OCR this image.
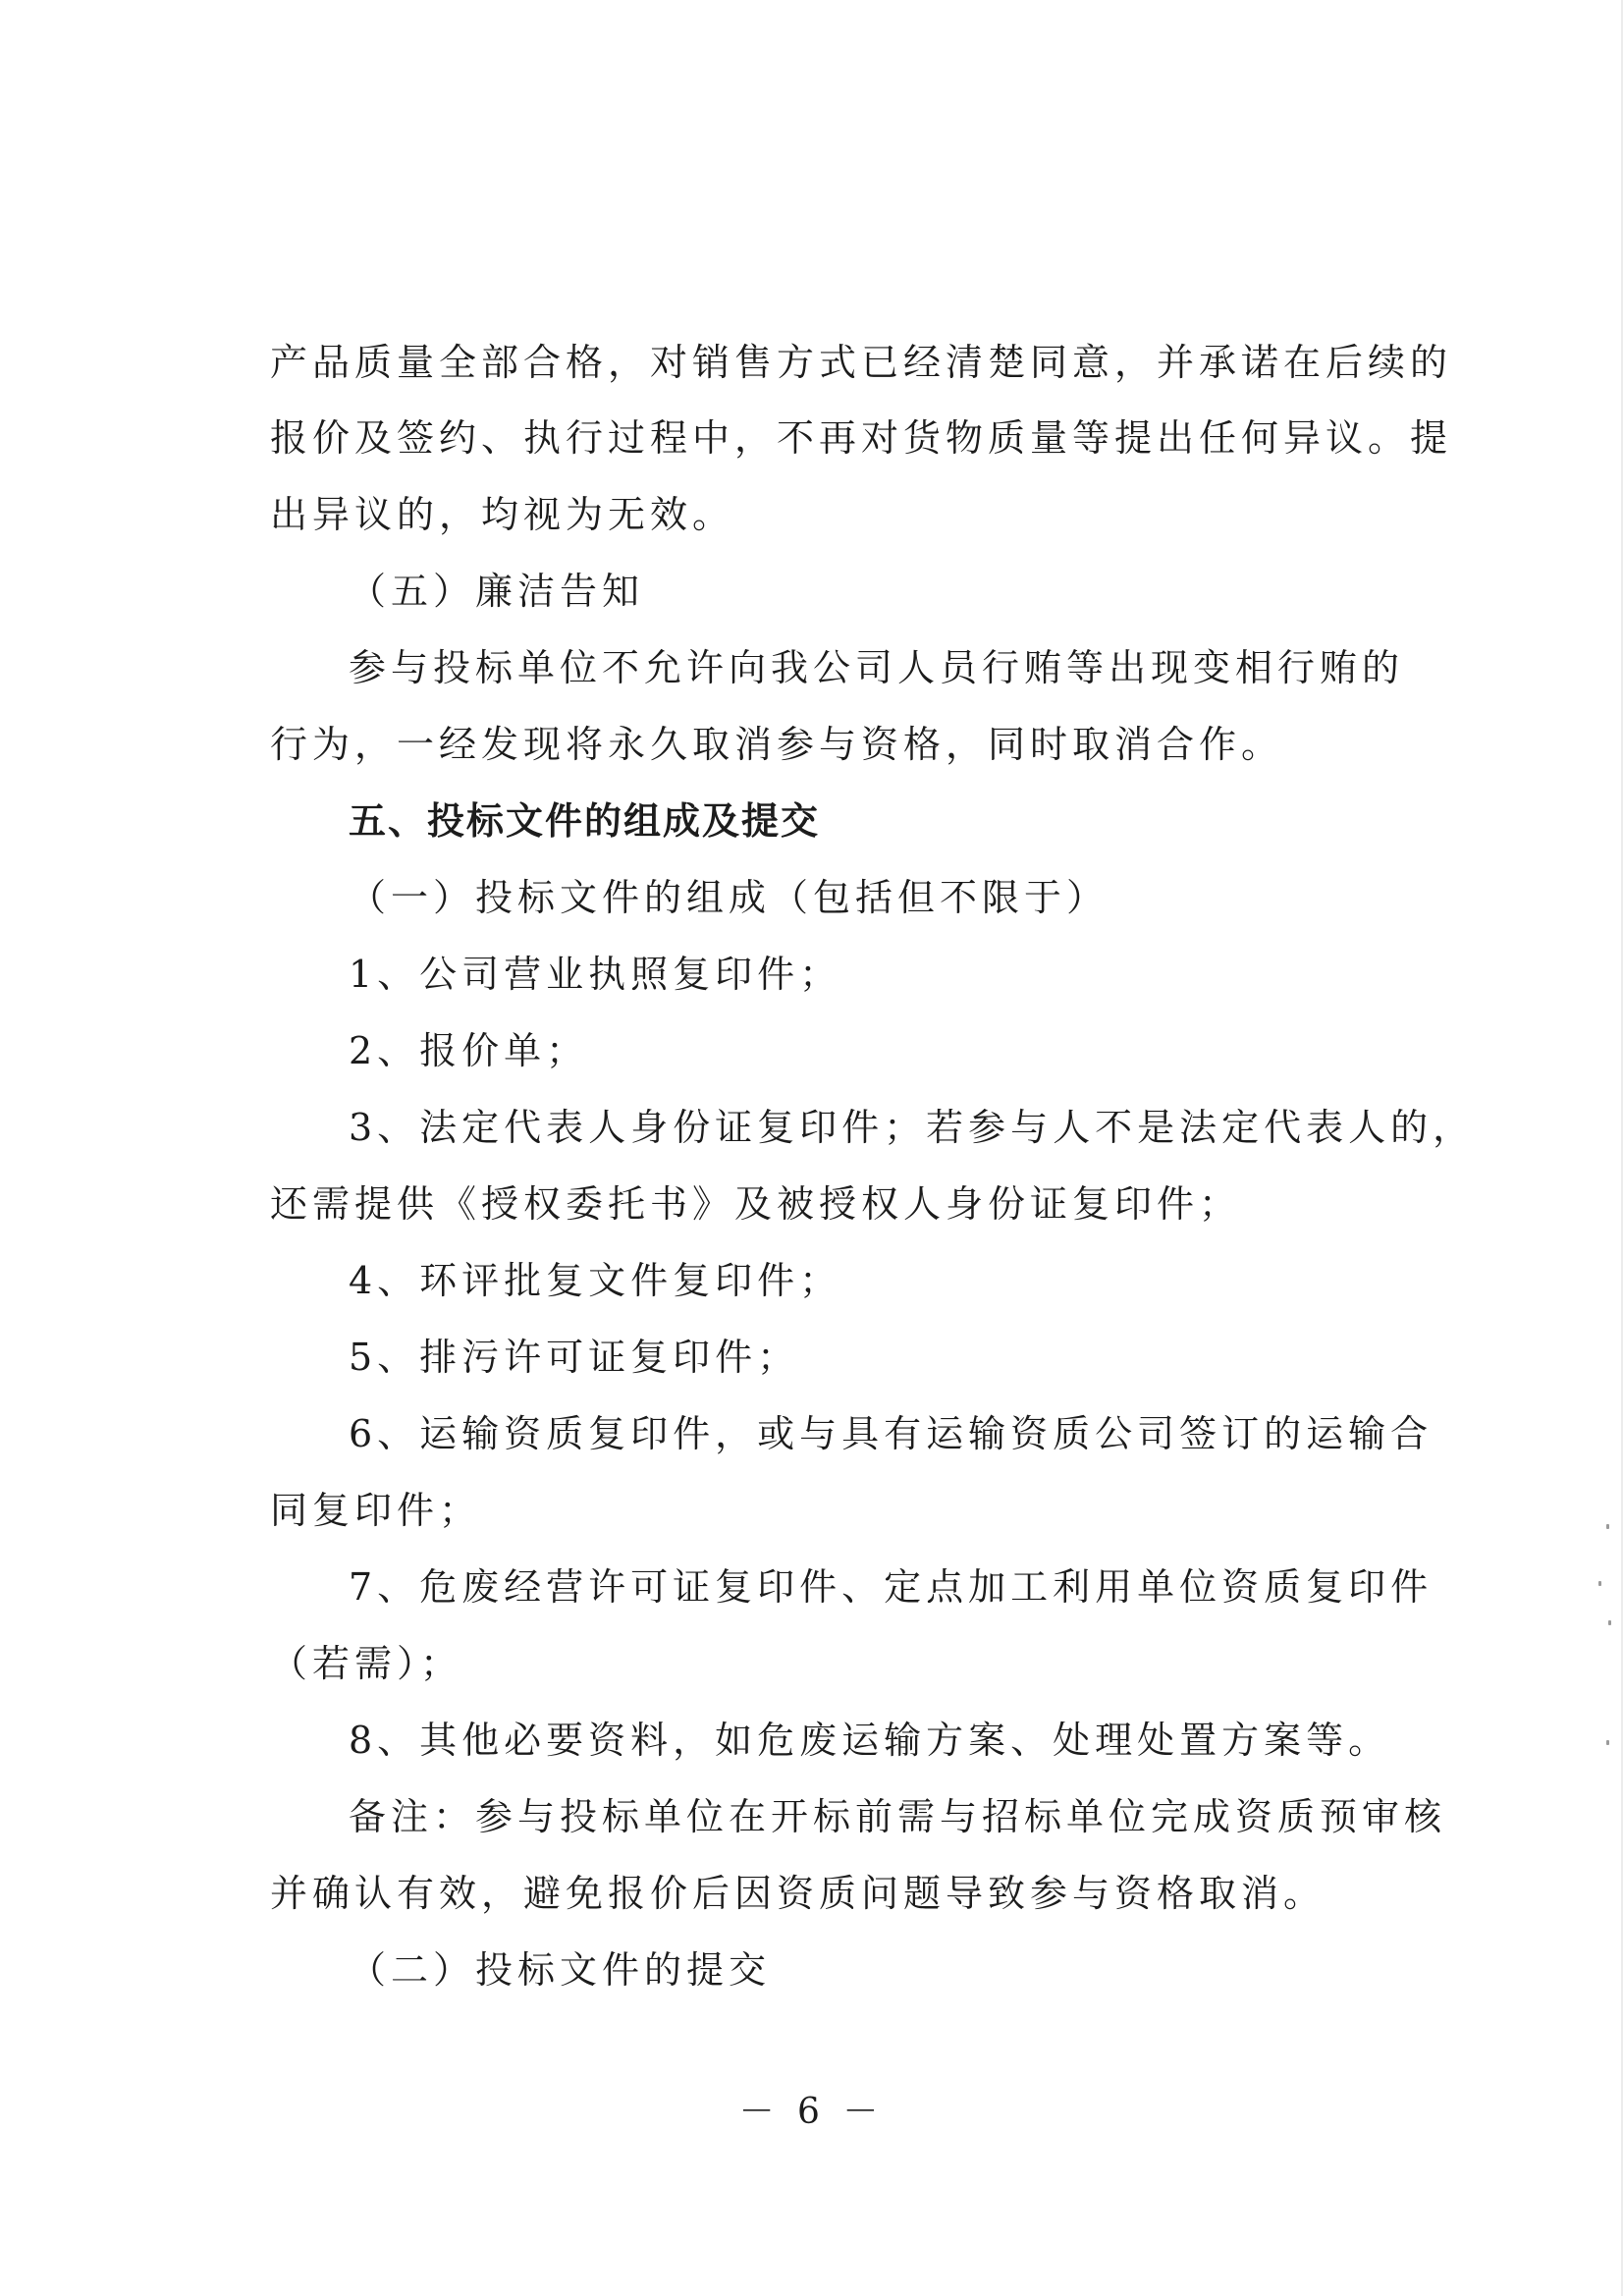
产品质量全部合格，对销售方式已经清楚同意，并承诺在后续的
报价及签约、执行过程中，不再对货物质量等提出任何异议。提
出异议的，均视为无效。
（五）廉洁告知
参与投标单位不允许向我公司人员行贿等出现变相行贿的
行为，一经发现将永久取消参与资格，同时取消合作。
五、投标文件的组成及提交
（一）投标文件的组成（包括但不限于）
1、公司营业执照复印件；
2、报价单；
3、法定代表人身份证复印件；若参与人不是法定代表人的，
还需提供《授权委托书》及被授权人身份证复印件；
4、环评批复文件复印件；
5、排污许可证复印件；
6、运输资质复印件，或与具有运输资质公司签订的运输合
同复印件；
7、危废经营许可证复印件、定点加工利用单位资质复印件
（若需）；
8、其他必要资料，如危废运输方案、处理处置方案等。
备注：参与投标单位在开标前需与招标单位完成资质预审核
并确认有效，避免报价后因资质问题导致参与资格取消。
（二）投标文件的提交
－ 6 －
